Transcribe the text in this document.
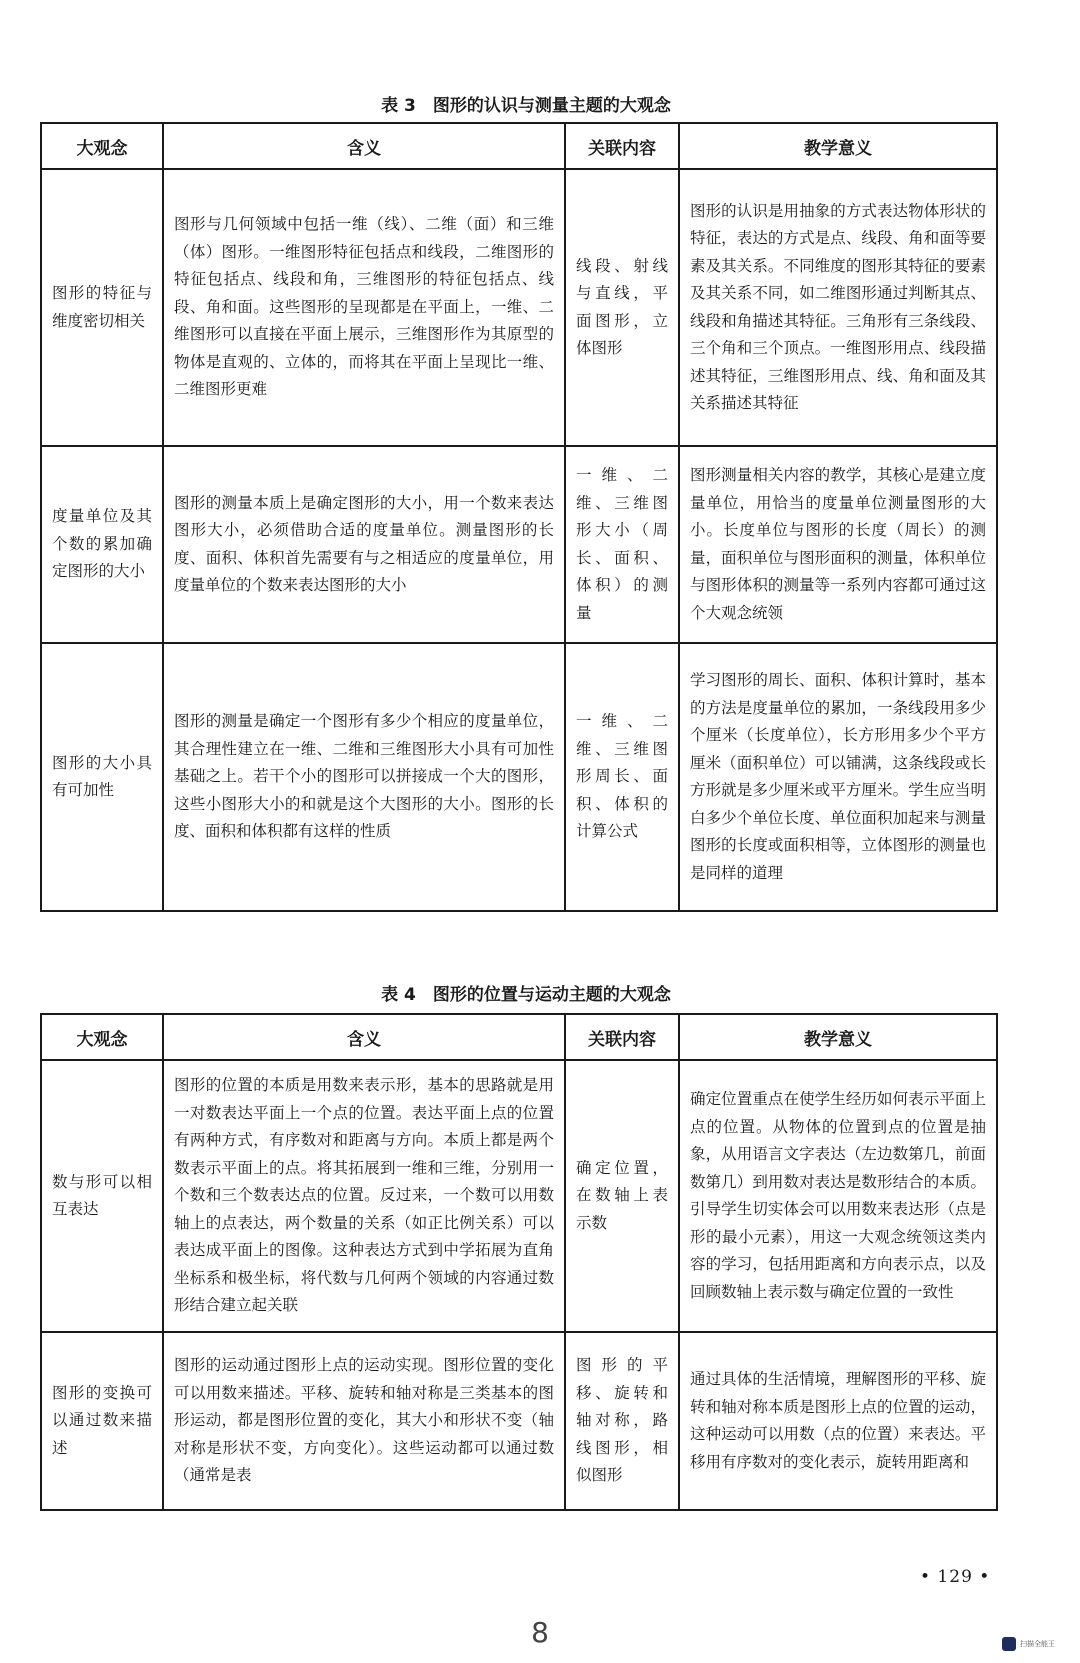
表 3　图形的认识与测量主题的大观念
大观念	含义	关联内容	教学意义

图形的特征与维度密切相关	图形与几何领域中包括一维（线）、二维（面）和三维（体）图形。一维图形特征包括点和线段，二维图形的特征包括点、线段和角，三维图形的特征包括点、线段、角和面。这些图形的呈现都是在平面上，一维、二维图形可以直接在平面上展示，三维图形作为其原型的物体是直观的、立体的，而将其在平面上呈现比一维、二维图形更难	线段、射线与直线，平面图形，立体图形	图形的认识是用抽象的方式表达物体形状的特征，表达的方式是点、线段、角和面等要素及其关系。不同维度的图形其特征的要素及其关系不同，如二维图形通过判断其点、线段和角描述其特征。三角形有三条线段、三个角和三个顶点。一维图形用点、线段描述其特征，三维图形用点、线、角和面及其关系描述其特征

度量单位及其个数的累加确定图形的大小	图形的测量本质上是确定图形的大小，用一个数来表达图形大小，必须借助合适的度量单位。测量图形的长度、面积、体积首先需要有与之相适应的度量单位，用度量单位的个数来表达图形的大小	一维、二维、三维图形大小（周长、面积、体积）的测量	图形测量相关内容的教学，其核心是建立度量单位，用恰当的度量单位测量图形的大小。长度单位与图形的长度（周长）的测量，面积单位与图形面积的测量，体积单位与图形体积的测量等一系列内容都可通过这个大观念统领

图形的大小具有可加性	图形的测量是确定一个图形有多少个相应的度量单位，其合理性建立在一维、二维和三维图形大小具有可加性基础之上。若干个小的图形可以拼接成一个大的图形，这些小图形大小的和就是这个大图形的大小。图形的长度、面积和体积都有这样的性质	一维、二维、三维图形周长、面积、体积的计算公式	学习图形的周长、面积、体积计算时，基本的方法是度量单位的累加，一条线段用多少个厘米（长度单位），长方形用多少个平方厘米（面积单位）可以铺满，这条线段或长方形就是多少厘米或平方厘米。学生应当明白多少个单位长度、单位面积加起来与测量图形的长度或面积相等，立体图形的测量也是同样的道理
表 4　图形的位置与运动主题的大观念
大观念	含义	关联内容	教学意义

数与形可以相互表达	图形的位置的本质是用数来表示形，基本的思路就是用一对数表达平面上一个点的位置。表达平面上点的位置有两种方式，有序数对和距离与方向。本质上都是两个数表示平面上的点。将其拓展到一维和三维，分别用一个数和三个数表达点的位置。反过来，一个数可以用数轴上的点表达，两个数量的关系（如正比例关系）可以表达成平面上的图像。这种表达方式到中学拓展为直角坐标系和极坐标，将代数与几何两个领域的内容通过数形结合建立起关联	确定位置，在数轴上表示数	确定位置重点在使学生经历如何表示平面上点的位置。从物体的位置到点的位置是抽象，从用语言文字表达（左边数第几，前面数第几）到用数对表达是数形结合的本质。引导学生切实体会可以用数来表达形（点是形的最小元素），用这一大观念统领这类内容的学习，包括用距离和方向表示点，以及回顾数轴上表示数与确定位置的一致性

图形的变换可以通过数来描述	图形的运动通过图形上点的运动实现。图形位置的变化可以用数来描述。平移、旋转和轴对称是三类基本的图形运动，都是图形位置的变化，其大小和形状不变（轴对称是形状不变，方向变化）。这些运动都可以通过数（通常是表	图形的平移、旋转和轴对称，路线图形，相似图形	通过具体的生活情境，理解图形的平移、旋转和轴对称本质是图形上点的位置的运动，这种运动可以用数（点的位置）来表达。平移用有序数对的变化表示，旋转用距离和
• 129 •
8	扫描全能王
